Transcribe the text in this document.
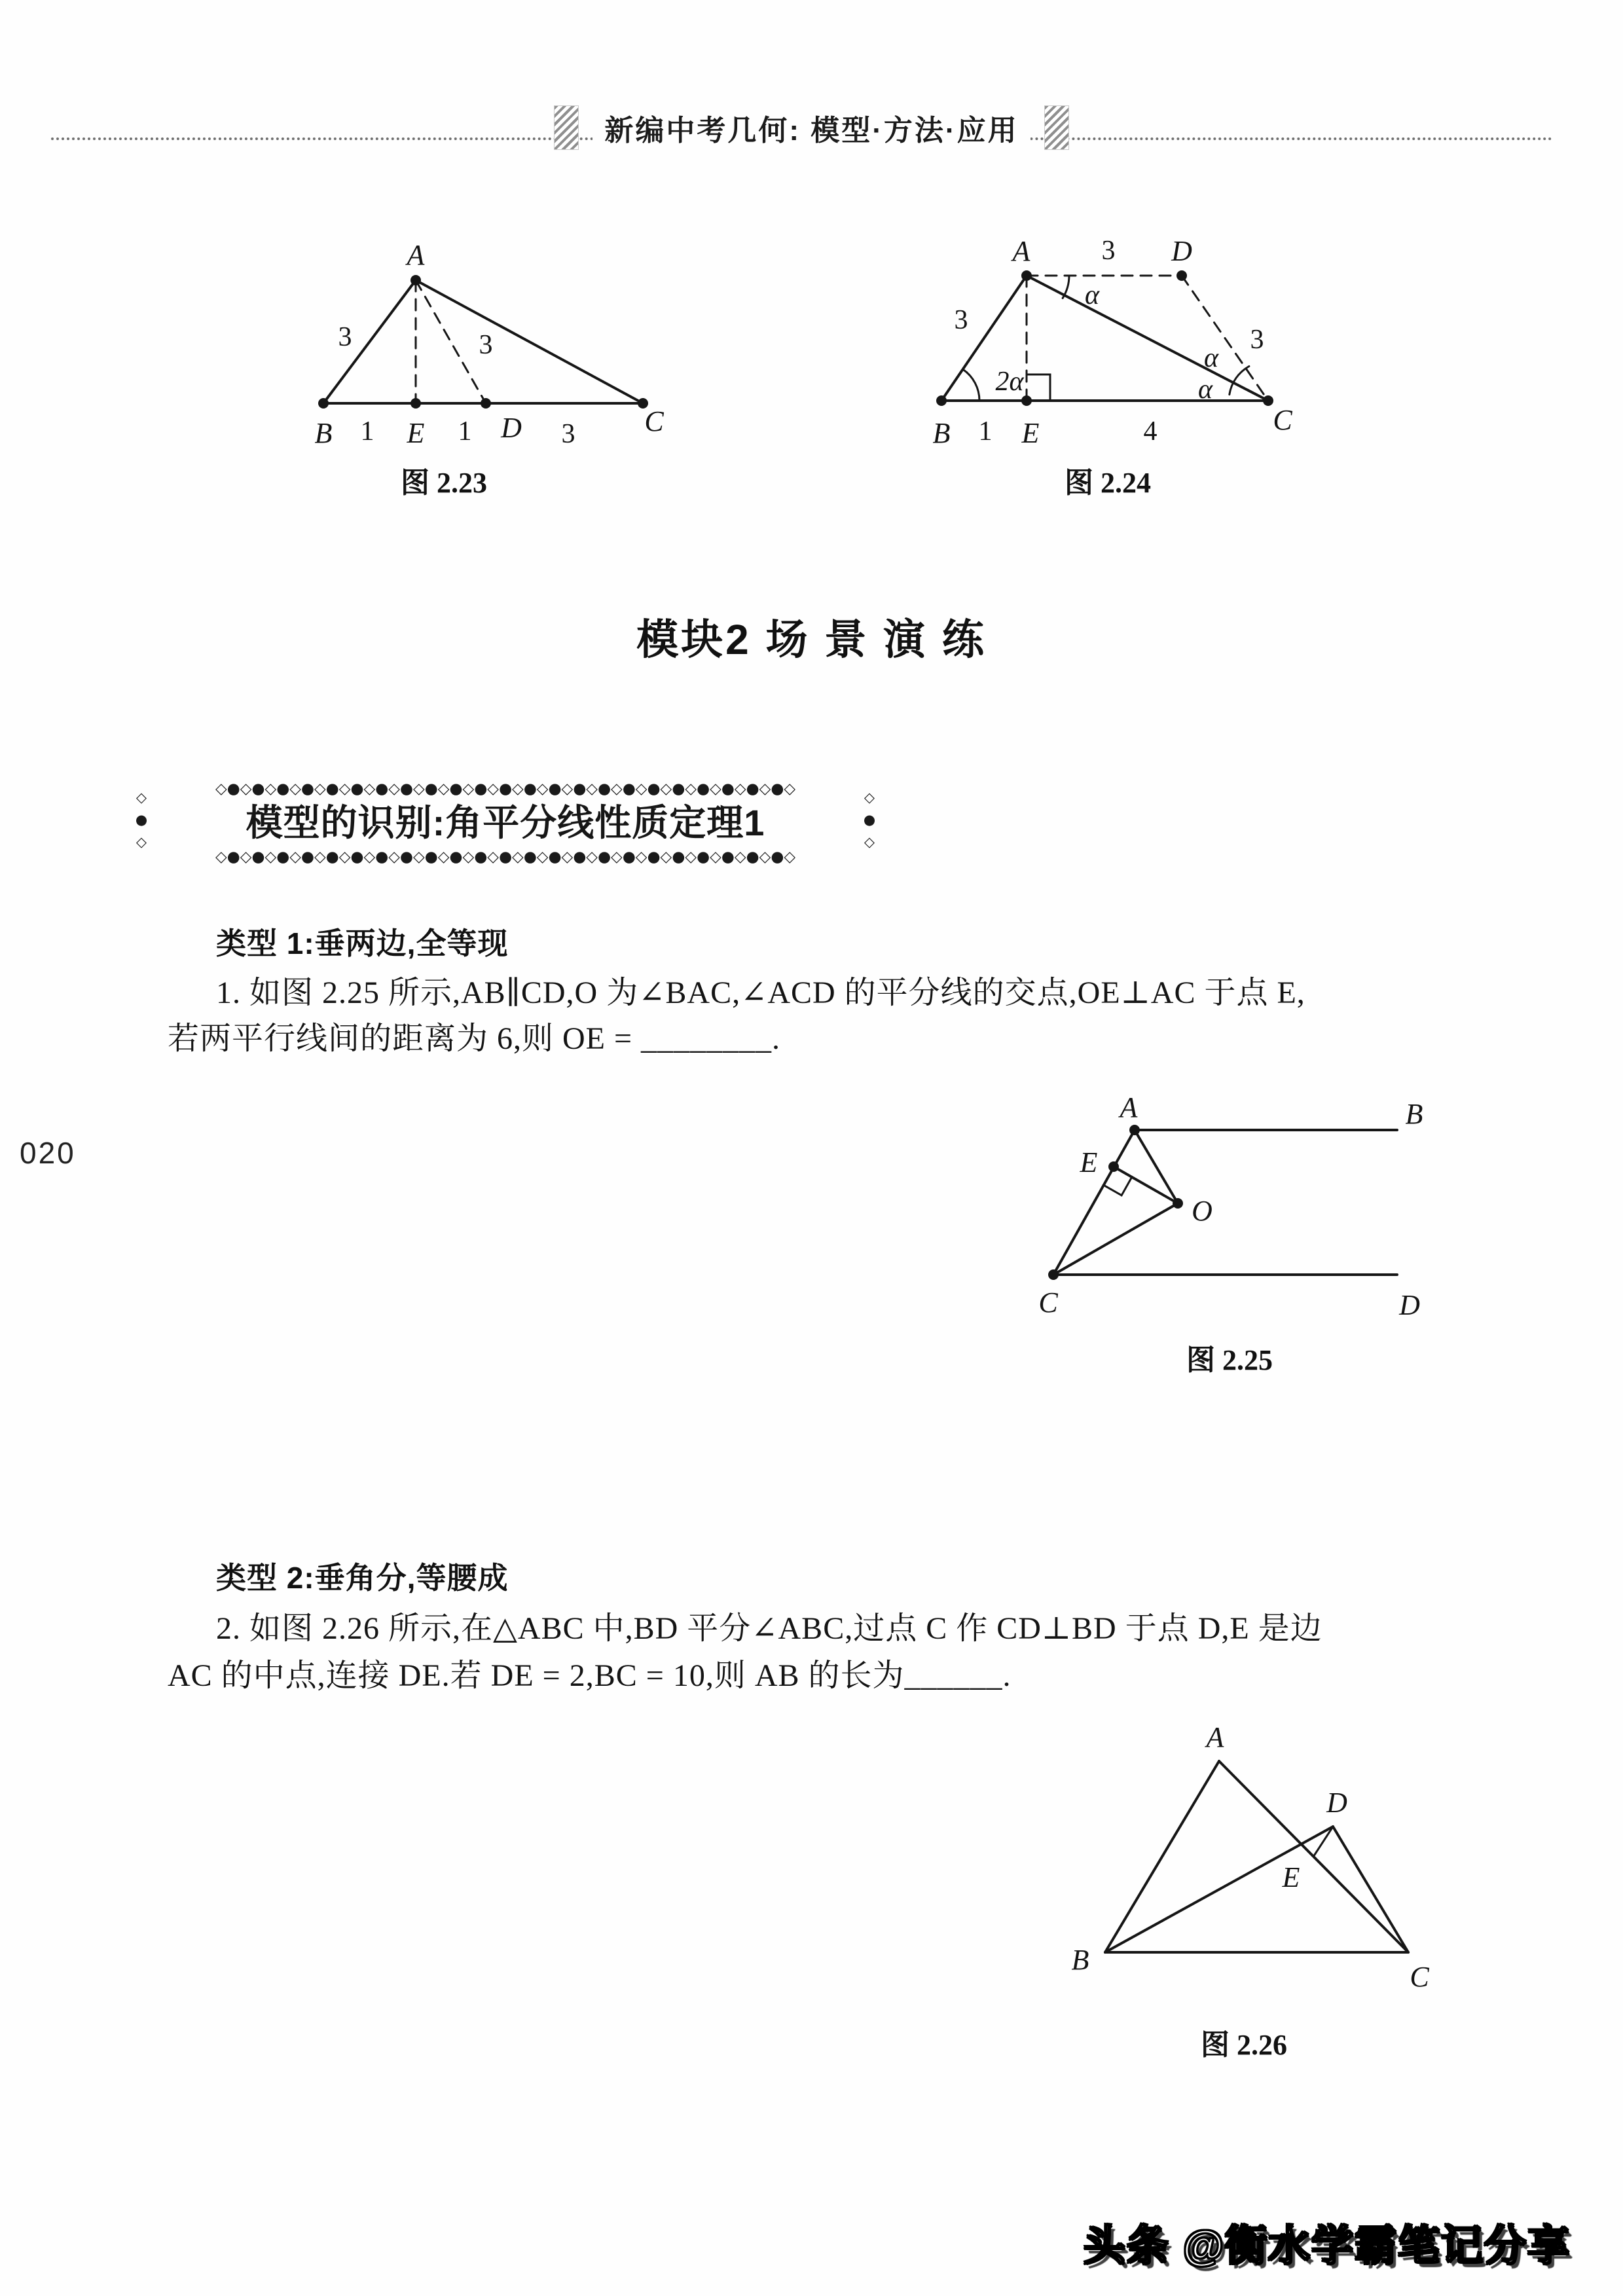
新编中考几何: 模型·方法·应用
A
3	3
B 1 E 1 D 3 C
图 2.23
A	3 D
3
α
2α
α
3
α
B 1 E	4	C
图 2.24
模块2 场 景 演 练
◇●◇●◇●◇●◇●◇●◇●◇●◇●◇●◇●◇●◇●◇●◇●◇●◇●◇●◇●◇●◇●◇●◇●◇
模型的识别:角平分线性质定理1
◇●◇●◇●◇●◇●◇●◇●◇●◇●◇●◇●◇●◇●◇●◇●◇●◇●◇●◇●◇●◇●◇●◇●◇
◇●◇	◇●◇
类型 1:垂两边,全等现
1. 如图 2.25 所示,AB∥CD,O 为∠BAC,∠ACD 的平分线的交点,OE⊥AC 于点 E,
若两平行线间的距离为 6,则 OE = ________.
020
A	B
E
O
C	D
图 2.25
类型 2:垂角分,等腰成
2. 如图 2.26 所示,在△ABC 中,BD 平分∠ABC,过点 C 作 CD⊥BD 于点 D,E 是边
AC 的中点,连接 DE.若 DE = 2,BC = 10,则 AB 的长为______.
A
D
E
B
C
图 2.26
头条 @衡水学霸笔记分享
